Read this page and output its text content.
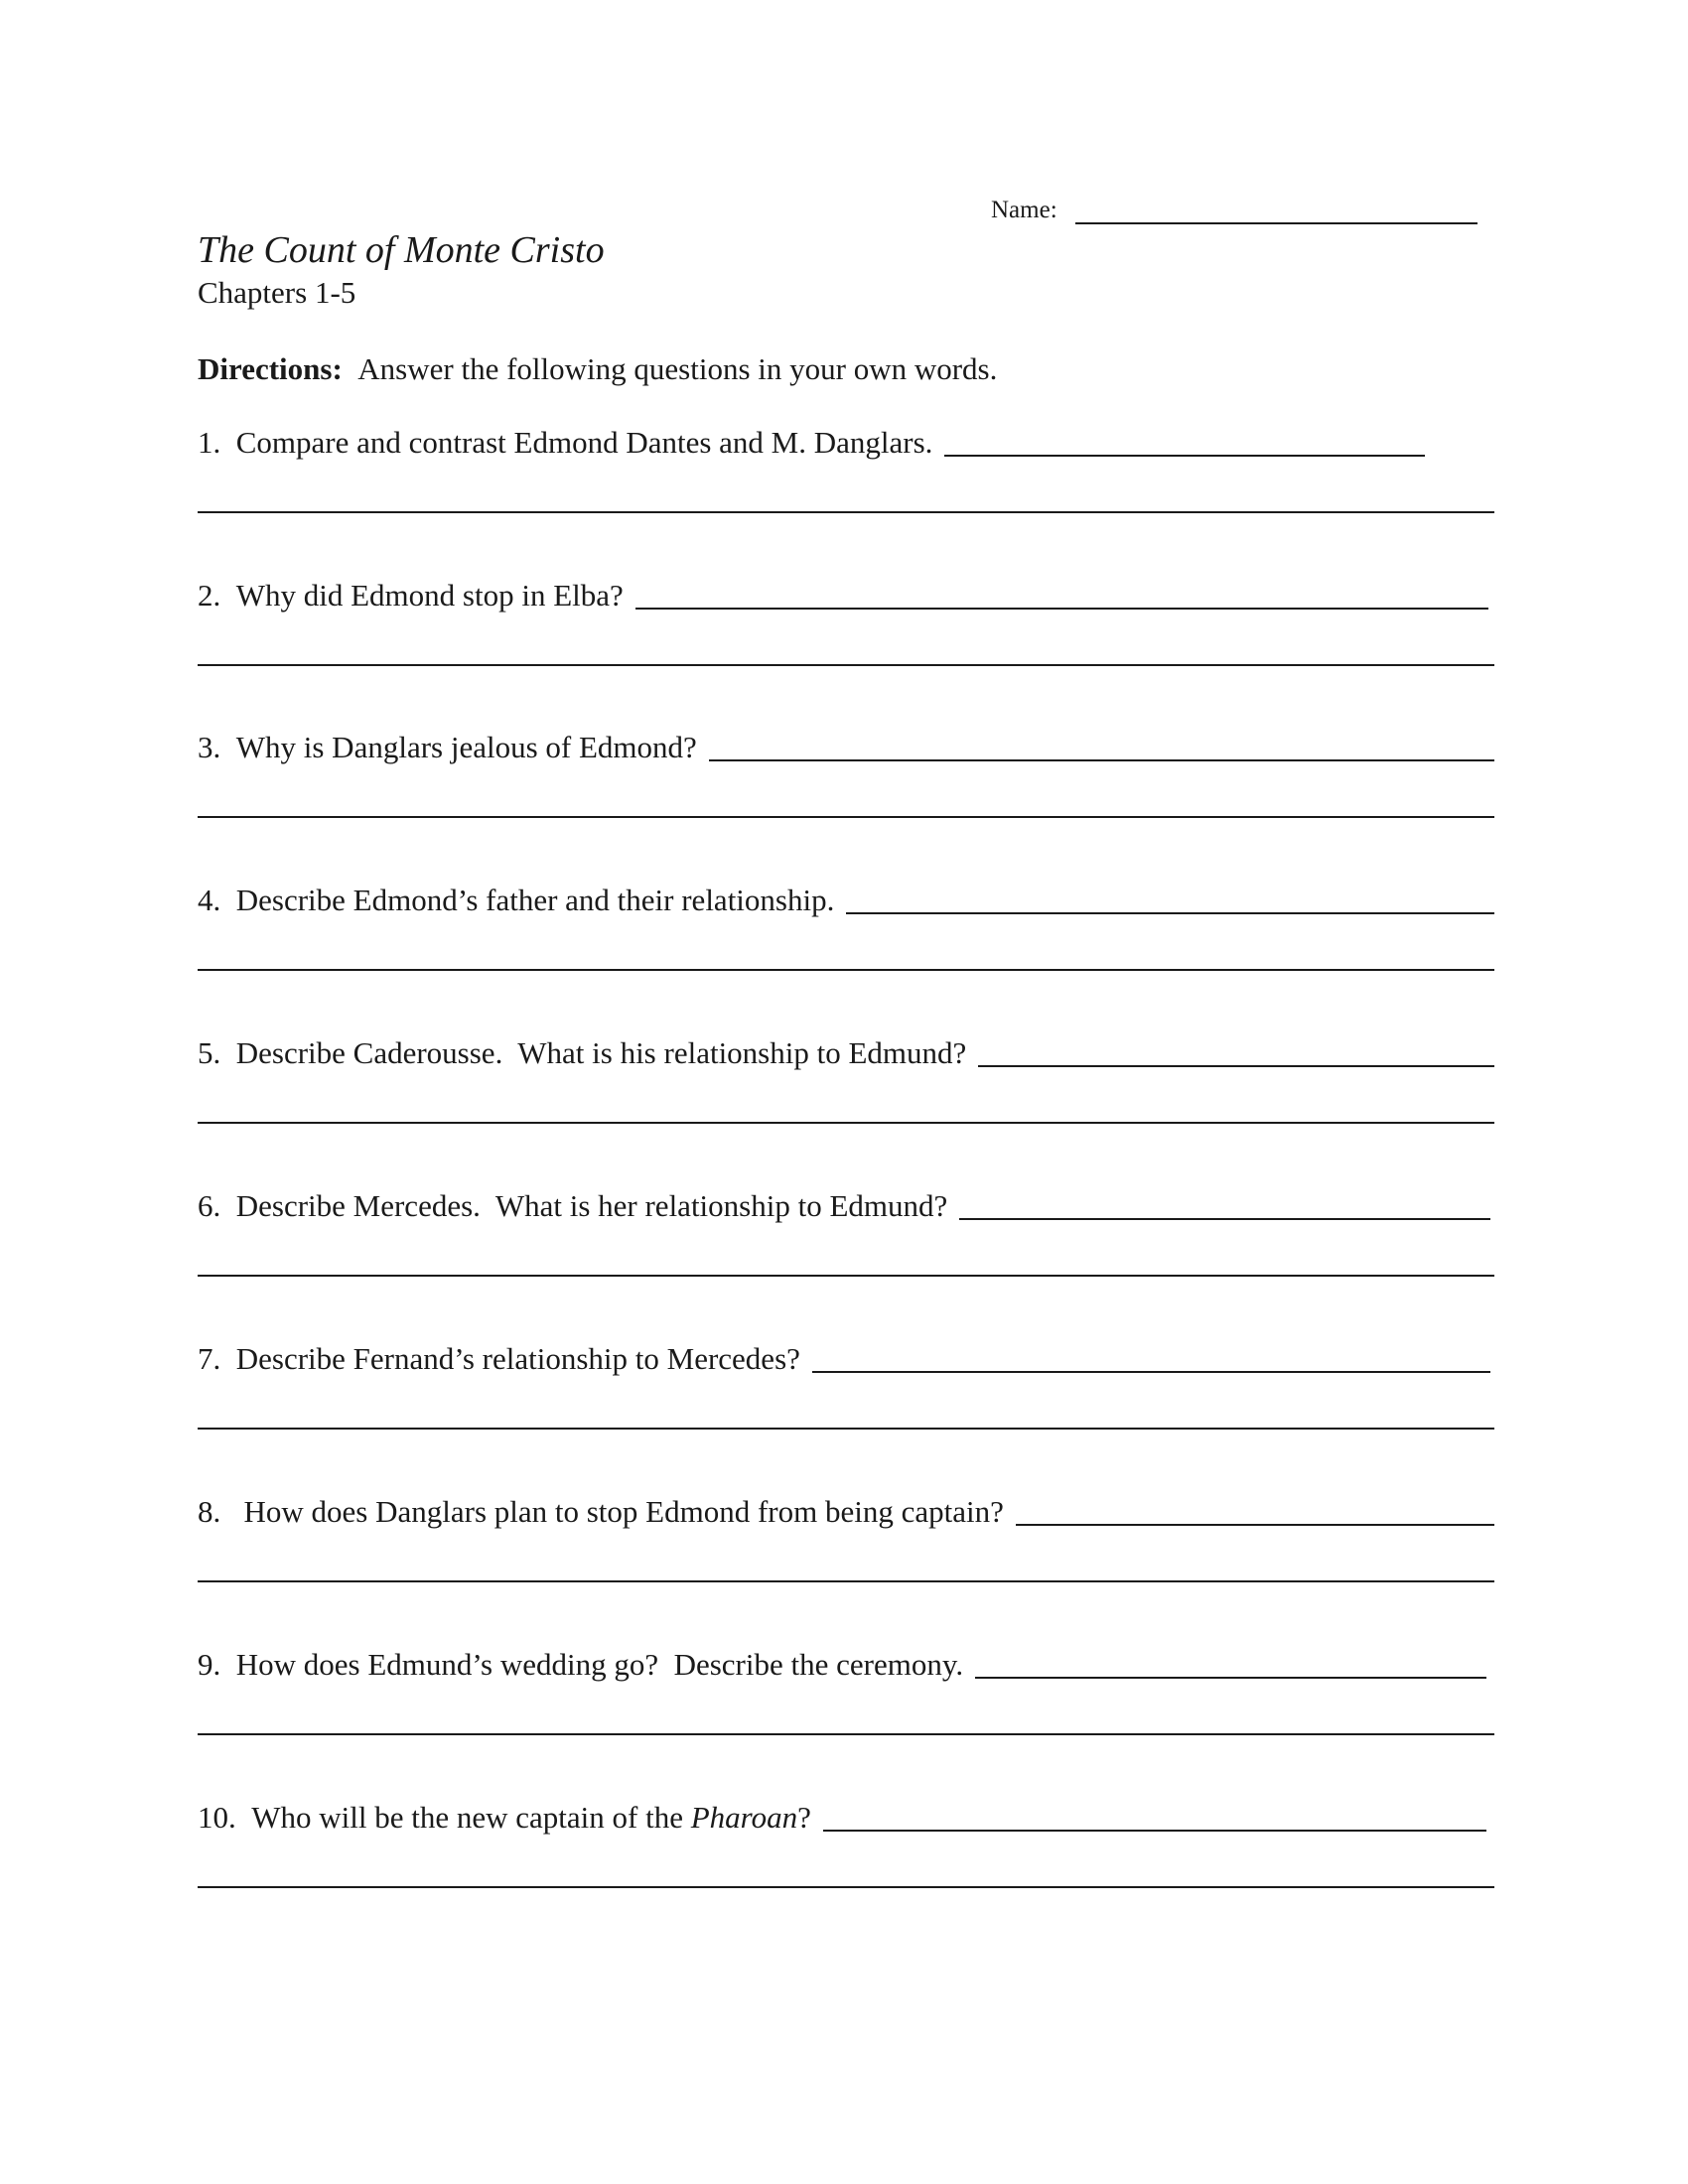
Name:
The Count of Monte Cristo
Chapters 1-5
Directions: Answer the following questions in your own words.
1.
Compare and contrast Edmond Dantes and M. Danglars.
2.
Why did Edmond stop in Elba?
3.
Why is Danglars jealous of Edmond?
4.
Describe Edmond’s father and their relationship.
5.
Describe Caderousse.  What is his relationship to Edmund?
6.
Describe Mercedes.  What is her relationship to Edmund?
7.
Describe Fernand’s relationship to Mercedes?
8.
How does Danglars plan to stop Edmond from being captain?
9.
How does Edmund’s wedding go?  Describe the ceremony.
10.
Who will be the new captain of the Pharoan?
